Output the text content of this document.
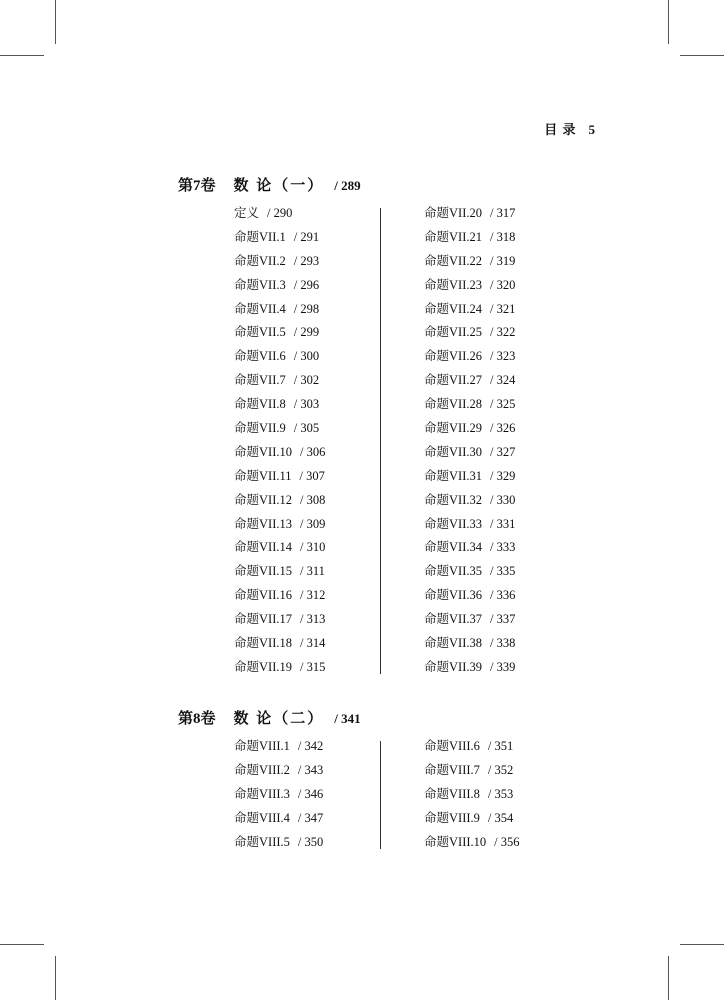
目 录 5
第7卷 数 论（一） / 289
定义 / 290
命题VII.1 / 291
命题VII.2 / 293
命题VII.3 / 296
命题VII.4 / 298
命题VII.5 / 299
命题VII.6 / 300
命题VII.7 / 302
命题VII.8 / 303
命题VII.9 / 305
命题VII.10 / 306
命题VII.11 / 307
命题VII.12 / 308
命题VII.13 / 309
命题VII.14 / 310
命题VII.15 / 311
命题VII.16 / 312
命题VII.17 / 313
命题VII.18 / 314
命题VII.19 / 315
命题VII.20 / 317
命题VII.21 / 318
命题VII.22 / 319
命题VII.23 / 320
命题VII.24 / 321
命题VII.25 / 322
命题VII.26 / 323
命题VII.27 / 324
命题VII.28 / 325
命题VII.29 / 326
命题VII.30 / 327
命题VII.31 / 329
命题VII.32 / 330
命题VII.33 / 331
命题VII.34 / 333
命题VII.35 / 335
命题VII.36 / 336
命题VII.37 / 337
命题VII.38 / 338
命题VII.39 / 339
第8卷 数 论（二） / 341
命题VIII.1 / 342
命题VIII.2 / 343
命题VIII.3 / 346
命题VIII.4 / 347
命题VIII.5 / 350
命题VIII.6 / 351
命题VIII.7 / 352
命题VIII.8 / 353
命题VIII.9 / 354
命题VIII.10 / 356
